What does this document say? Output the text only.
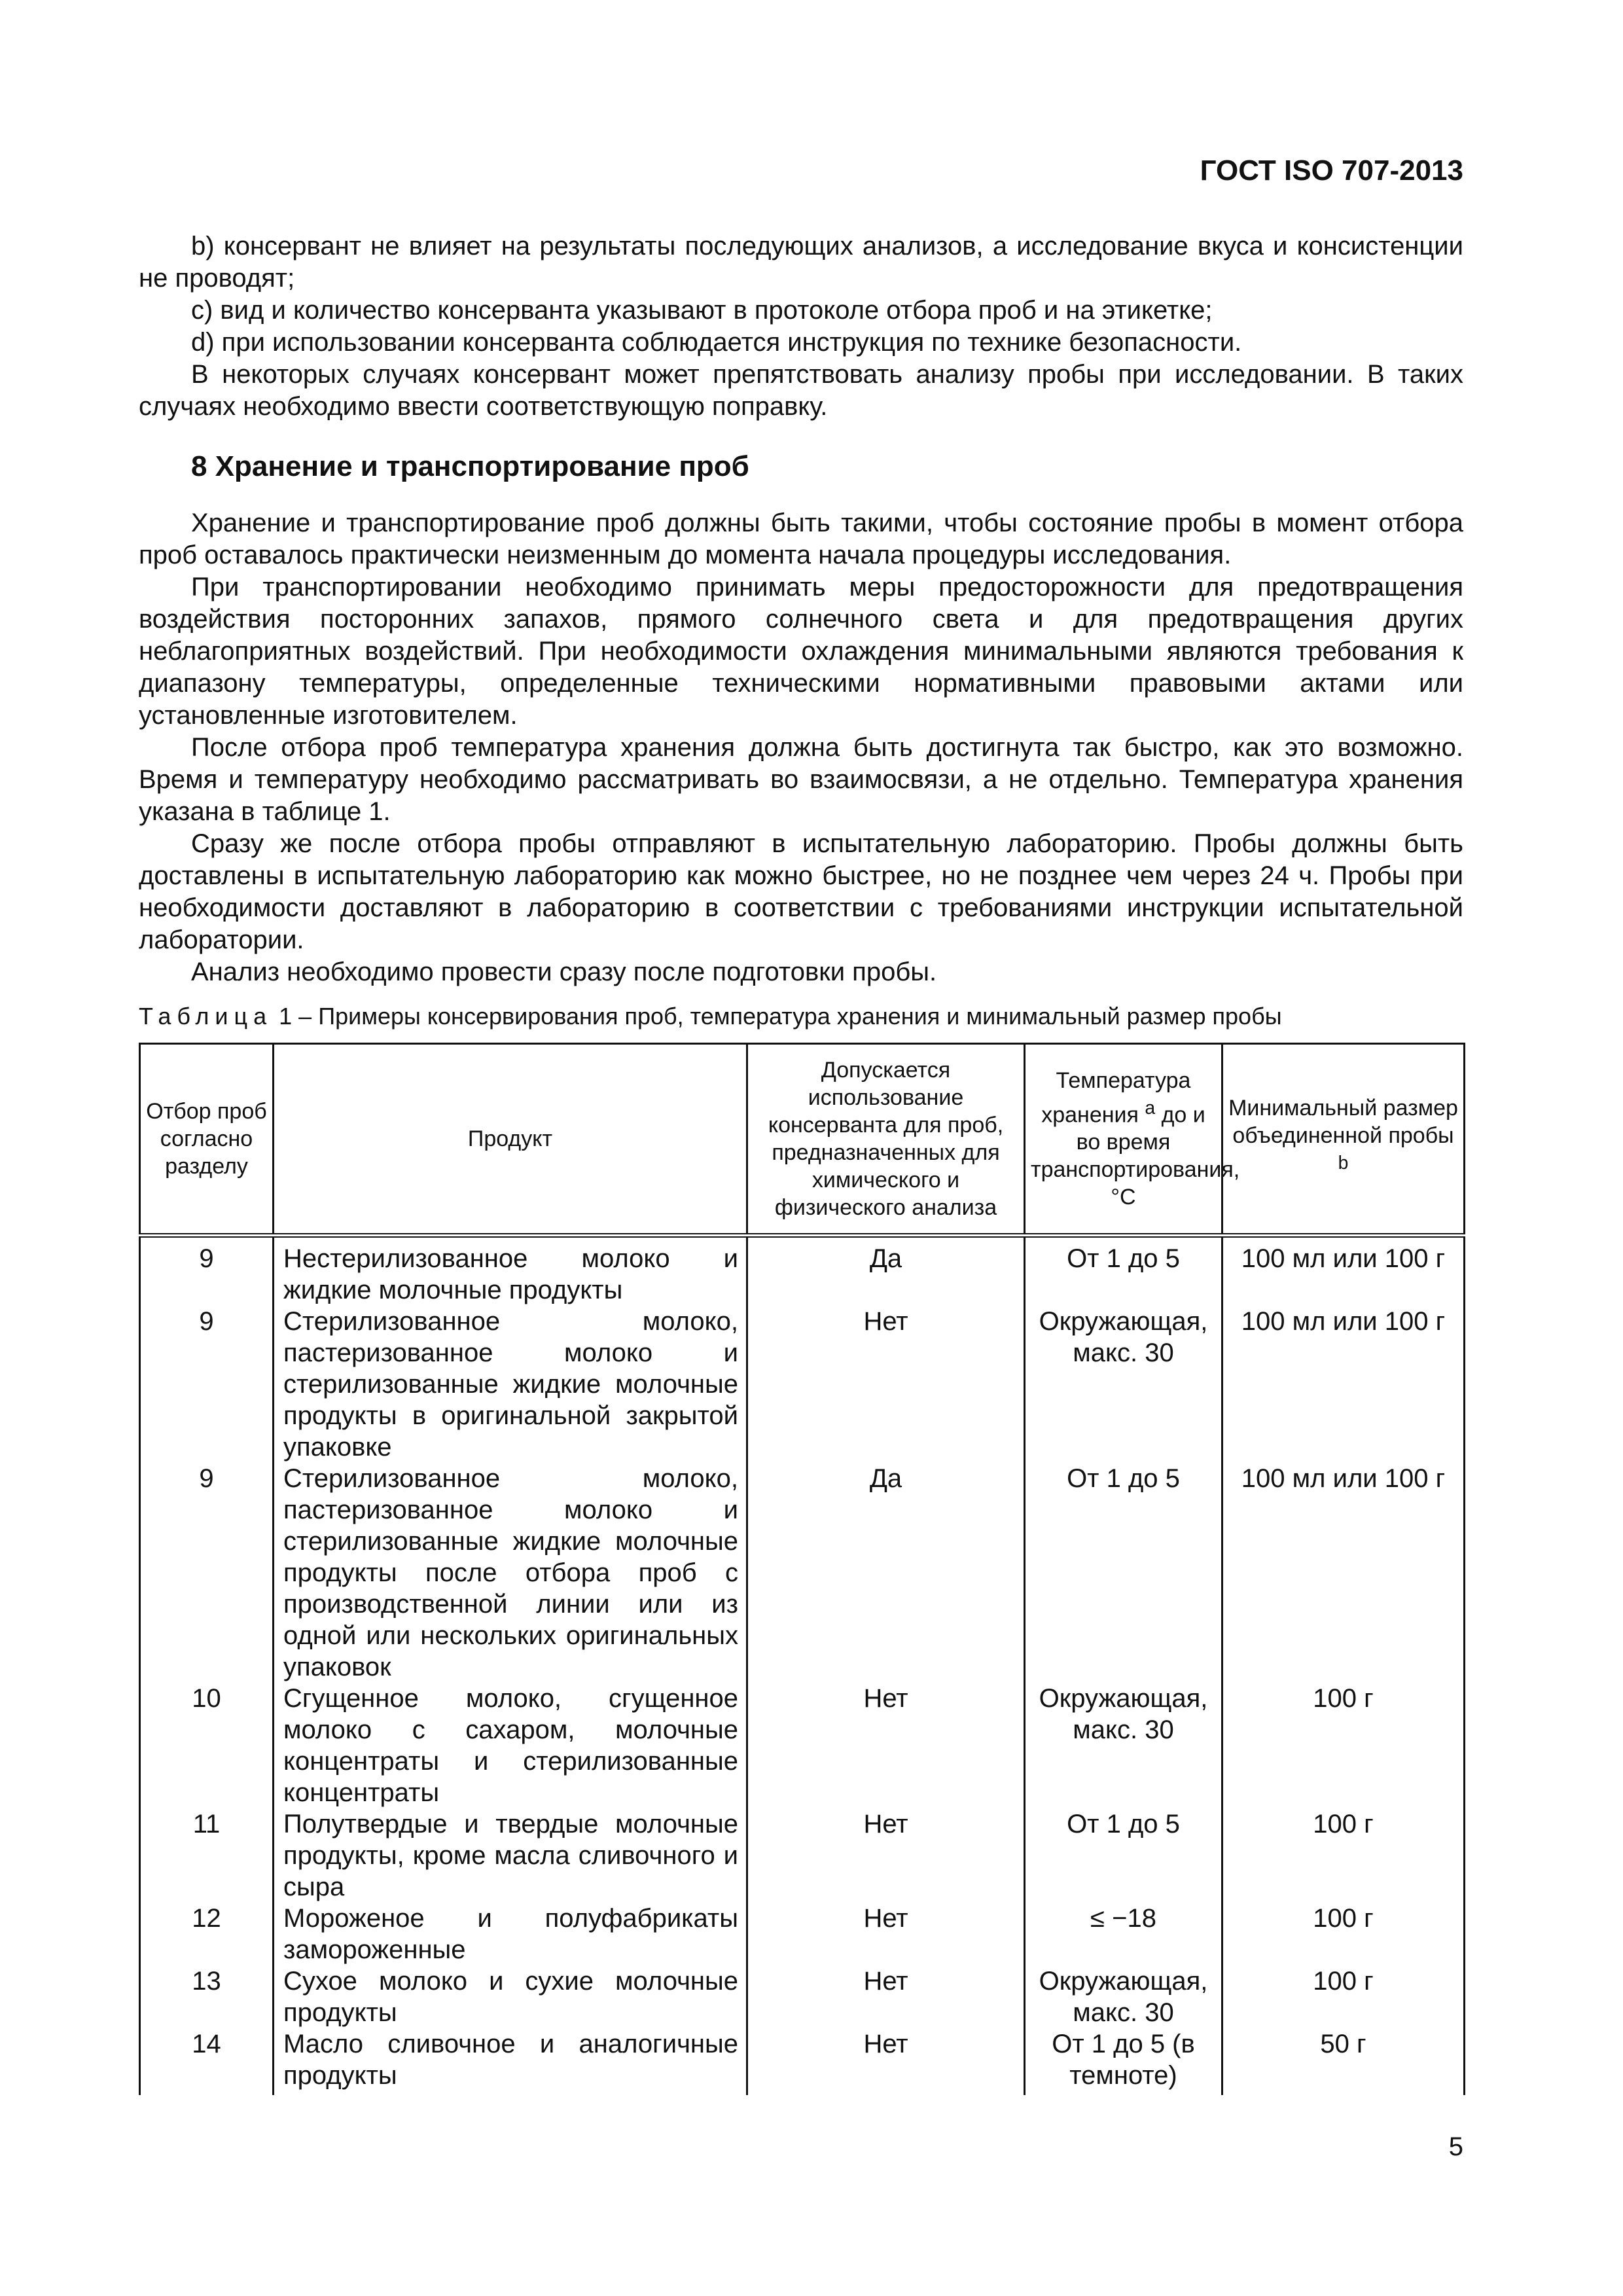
ГОСТ ISO 707-2013

b) консервант не влияет на результаты последующих анализов, а исследование вкуса и консистенции не проводят;

c) вид и количество консерванта указывают в протоколе отбора проб и на этикетке;

d) при использовании консерванта соблюдается инструкция по технике безопасности.

В некоторых случаях консервант может препятствовать анализу пробы при исследовании. В таких случаях необходимо ввести соответствующую поправку.

8 Хранение и транспортирование проб

Хранение и транспортирование проб должны быть такими, чтобы состояние пробы в момент отбора проб оставалось практически неизменным до момента начала процедуры исследования.

При транспортировании необходимо принимать меры предосторожности для предотвращения воздействия посторонних запахов, прямого солнечного света и для предотвращения других неблагоприятных воздействий. При необходимости охлаждения минимальными являются требования к диапазону температуры, определенные техническими нормативными правовыми актами или установленные изготовителем.

После отбора проб температура хранения должна быть достигнута так быстро, как это возможно. Время и температуру необходимо рассматривать во взаимосвязи, а не отдельно. Температура хранения указана в таблице 1.

Сразу же после отбора пробы отправляют в испытательную лабораторию. Пробы должны быть доставлены в испытательную лабораторию как можно быстрее, но не позднее чем через 24 ч. Пробы при необходимости доставляют в лабораторию в соответствии с требованиями инструкции испытательной лаборатории.

Анализ необходимо провести сразу после подготовки пробы.

Таблица 1 – Примеры консервирования проб, температура хранения и минимальный размер пробы
Отбор проб согласно разделу	Продукт	Допускается использование консерванта для проб, предназначенных для химического и физического анализа	Температура хранения $^a$ до и во время транспортирования, °C	Минимальный размер объединенной пробы $^b$
9	Нестерилизованное молоко и жидкие молочные продукты	Да	От 1 до 5	100 мл или 100 г
9	Стерилизованное молоко, пастеризованное молоко и стерилизованные жидкие молочные продукты в оригинальной закрытой упаковке	Нет	Окружающая, макс. 30	100 мл или 100 г
9	Стерилизованное молоко, пастеризованное молоко и стерилизованные жидкие молочные продукты после отбора проб с производственной линии или из одной или нескольких оригинальных упаковок	Да	От 1 до 5	100 мл или 100 г
10	Сгущенное молоко, сгущенное молоко с сахаром, молочные концентраты и стерилизованные концентраты	Нет	Окружающая, макс. 30	100 г
11	Полутвердые и твердые молочные продукты, кроме масла сливочного и сыра	Нет	От 1 до 5	100 г
12	Мороженое и полуфабрикаты замороженные	Нет	≤ −18	100 г
13	Сухое молоко и сухие молочные продукты	Нет	Окружающая, макс. 30	100 г
14	Масло сливочное и аналогичные продукты	Нет	От 1 до 5 (в темноте)	50 г
5
